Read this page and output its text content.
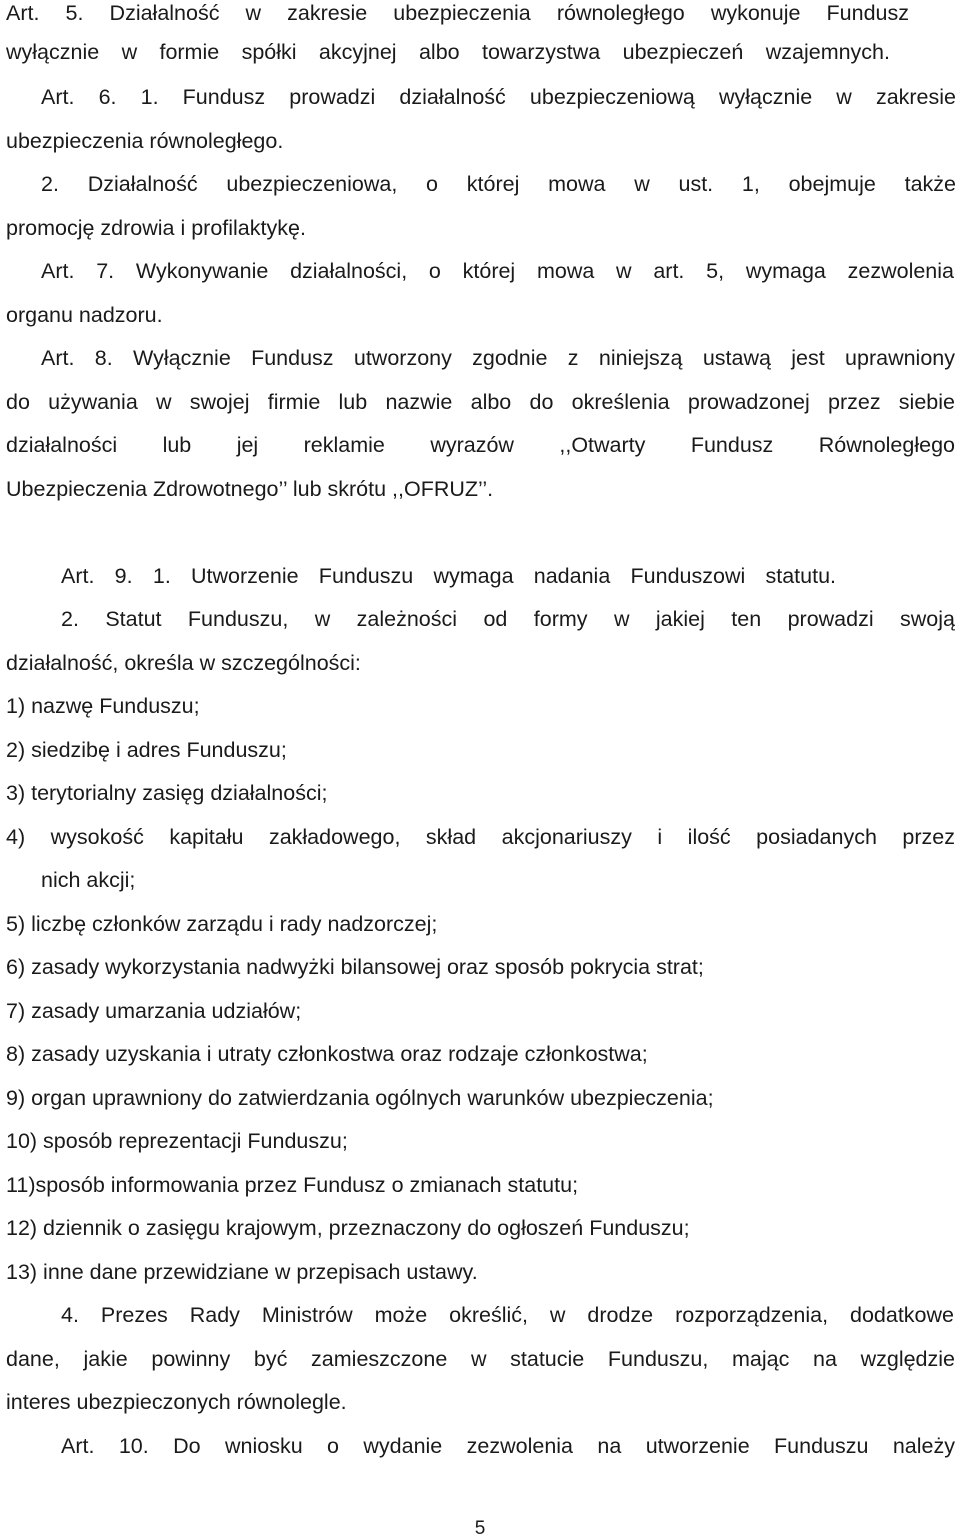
Art. 5. Działalność w zakresie ubezpieczenia równoległego wykonuje Fundusz

wyłącznie w formie spółki akcyjnej albo towarzystwa ubezpieczeń wzajemnych.

Art. 6. 1. Fundusz prowadzi działalność ubezpieczeniową wyłącznie w zakresie

ubezpieczenia równoległego.

2. Działalność ubezpieczeniowa, o której mowa w ust. 1, obejmuje także

promocję zdrowia i profilaktykę.

Art. 7. Wykonywanie działalności, o której mowa w art. 5, wymaga zezwolenia

organu nadzoru.

Art. 8. Wyłącznie Fundusz utworzony zgodnie z niniejszą ustawą jest uprawniony

do używania w swojej firmie lub nazwie albo do określenia prowadzonej przez siebie

działalności lub jej reklamie wyrazów ,,Otwarty Fundusz Równoległego

Ubezpieczenia Zdrowotnego’’ lub skrótu ,,OFRUZ’’.

Art. 9. 1. Utworzenie Funduszu wymaga nadania Funduszowi statutu.

2. Statut Funduszu, w zależności od formy w jakiej ten prowadzi swoją

działalność, określa w szczególności:

1) nazwę Funduszu;

2) siedzibę i adres Funduszu;

3) terytorialny zasięg działalności;

4) wysokość kapitału zakładowego, skład akcjonariuszy i ilość posiadanych przez

nich akcji;

5) liczbę członków zarządu i rady nadzorczej;

6) zasady wykorzystania nadwyżki bilansowej oraz sposób pokrycia strat;

7) zasady umarzania udziałów;

8) zasady uzyskania i utraty członkostwa oraz rodzaje członkostwa;

9) organ uprawniony do zatwierdzania ogólnych warunków ubezpieczenia;

10) sposób reprezentacji Funduszu;

11)sposób informowania przez Fundusz o zmianach statutu;

12) dziennik o zasięgu krajowym, przeznaczony do ogłoszeń Funduszu;

13) inne dane przewidziane w przepisach ustawy.

4. Prezes Rady Ministrów może określić, w drodze rozporządzenia, dodatkowe

dane, jakie powinny być zamieszczone w statucie Funduszu, mając na względzie

interes ubezpieczonych równolegle.

Art. 10. Do wniosku o wydanie zezwolenia na utworzenie Funduszu należy

5
